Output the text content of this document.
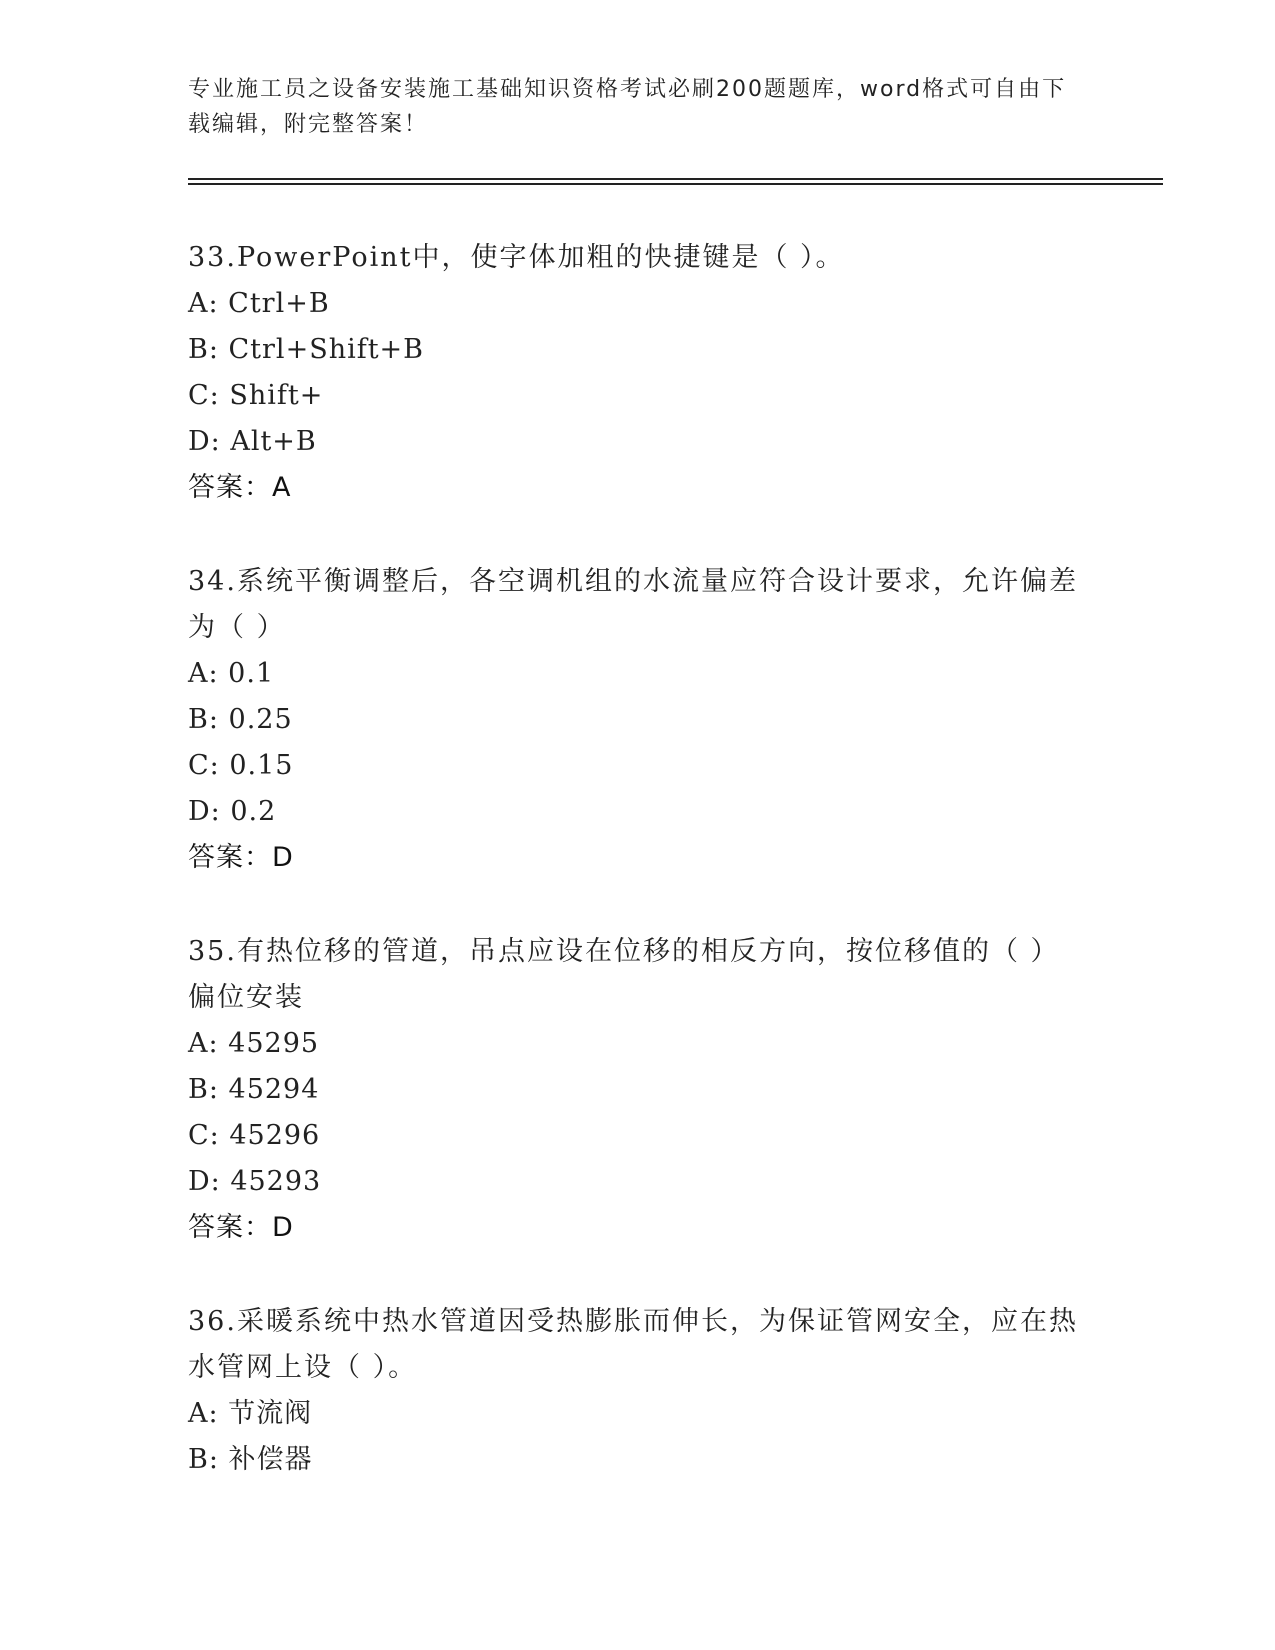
专业施工员之设备安装施工基础知识资格考试必刷200题题库，word格式可自由下载编辑，附完整答案！

33.PowerPoint中，使字体加粗的快捷键是（ ）。

A: Ctrl+B

B: Ctrl+Shift+B

C: Shift+

D: Alt+B

答案：A

34.系统平衡调整后，各空调机组的水流量应符合设计要求，允许偏差为（ ）

A: 0.1

B: 0.25

C: 0.15

D: 0.2

答案：D

35.有热位移的管道，吊点应设在位移的相反方向，按位移值的（ ）偏位安装

A: 45295

B: 45294

C: 45296

D: 45293

答案：D

36.采暖系统中热水管道因受热膨胀而伸长，为保证管网安全，应在热水管网上设（ ）。

A: 节流阀

B: 补偿器
